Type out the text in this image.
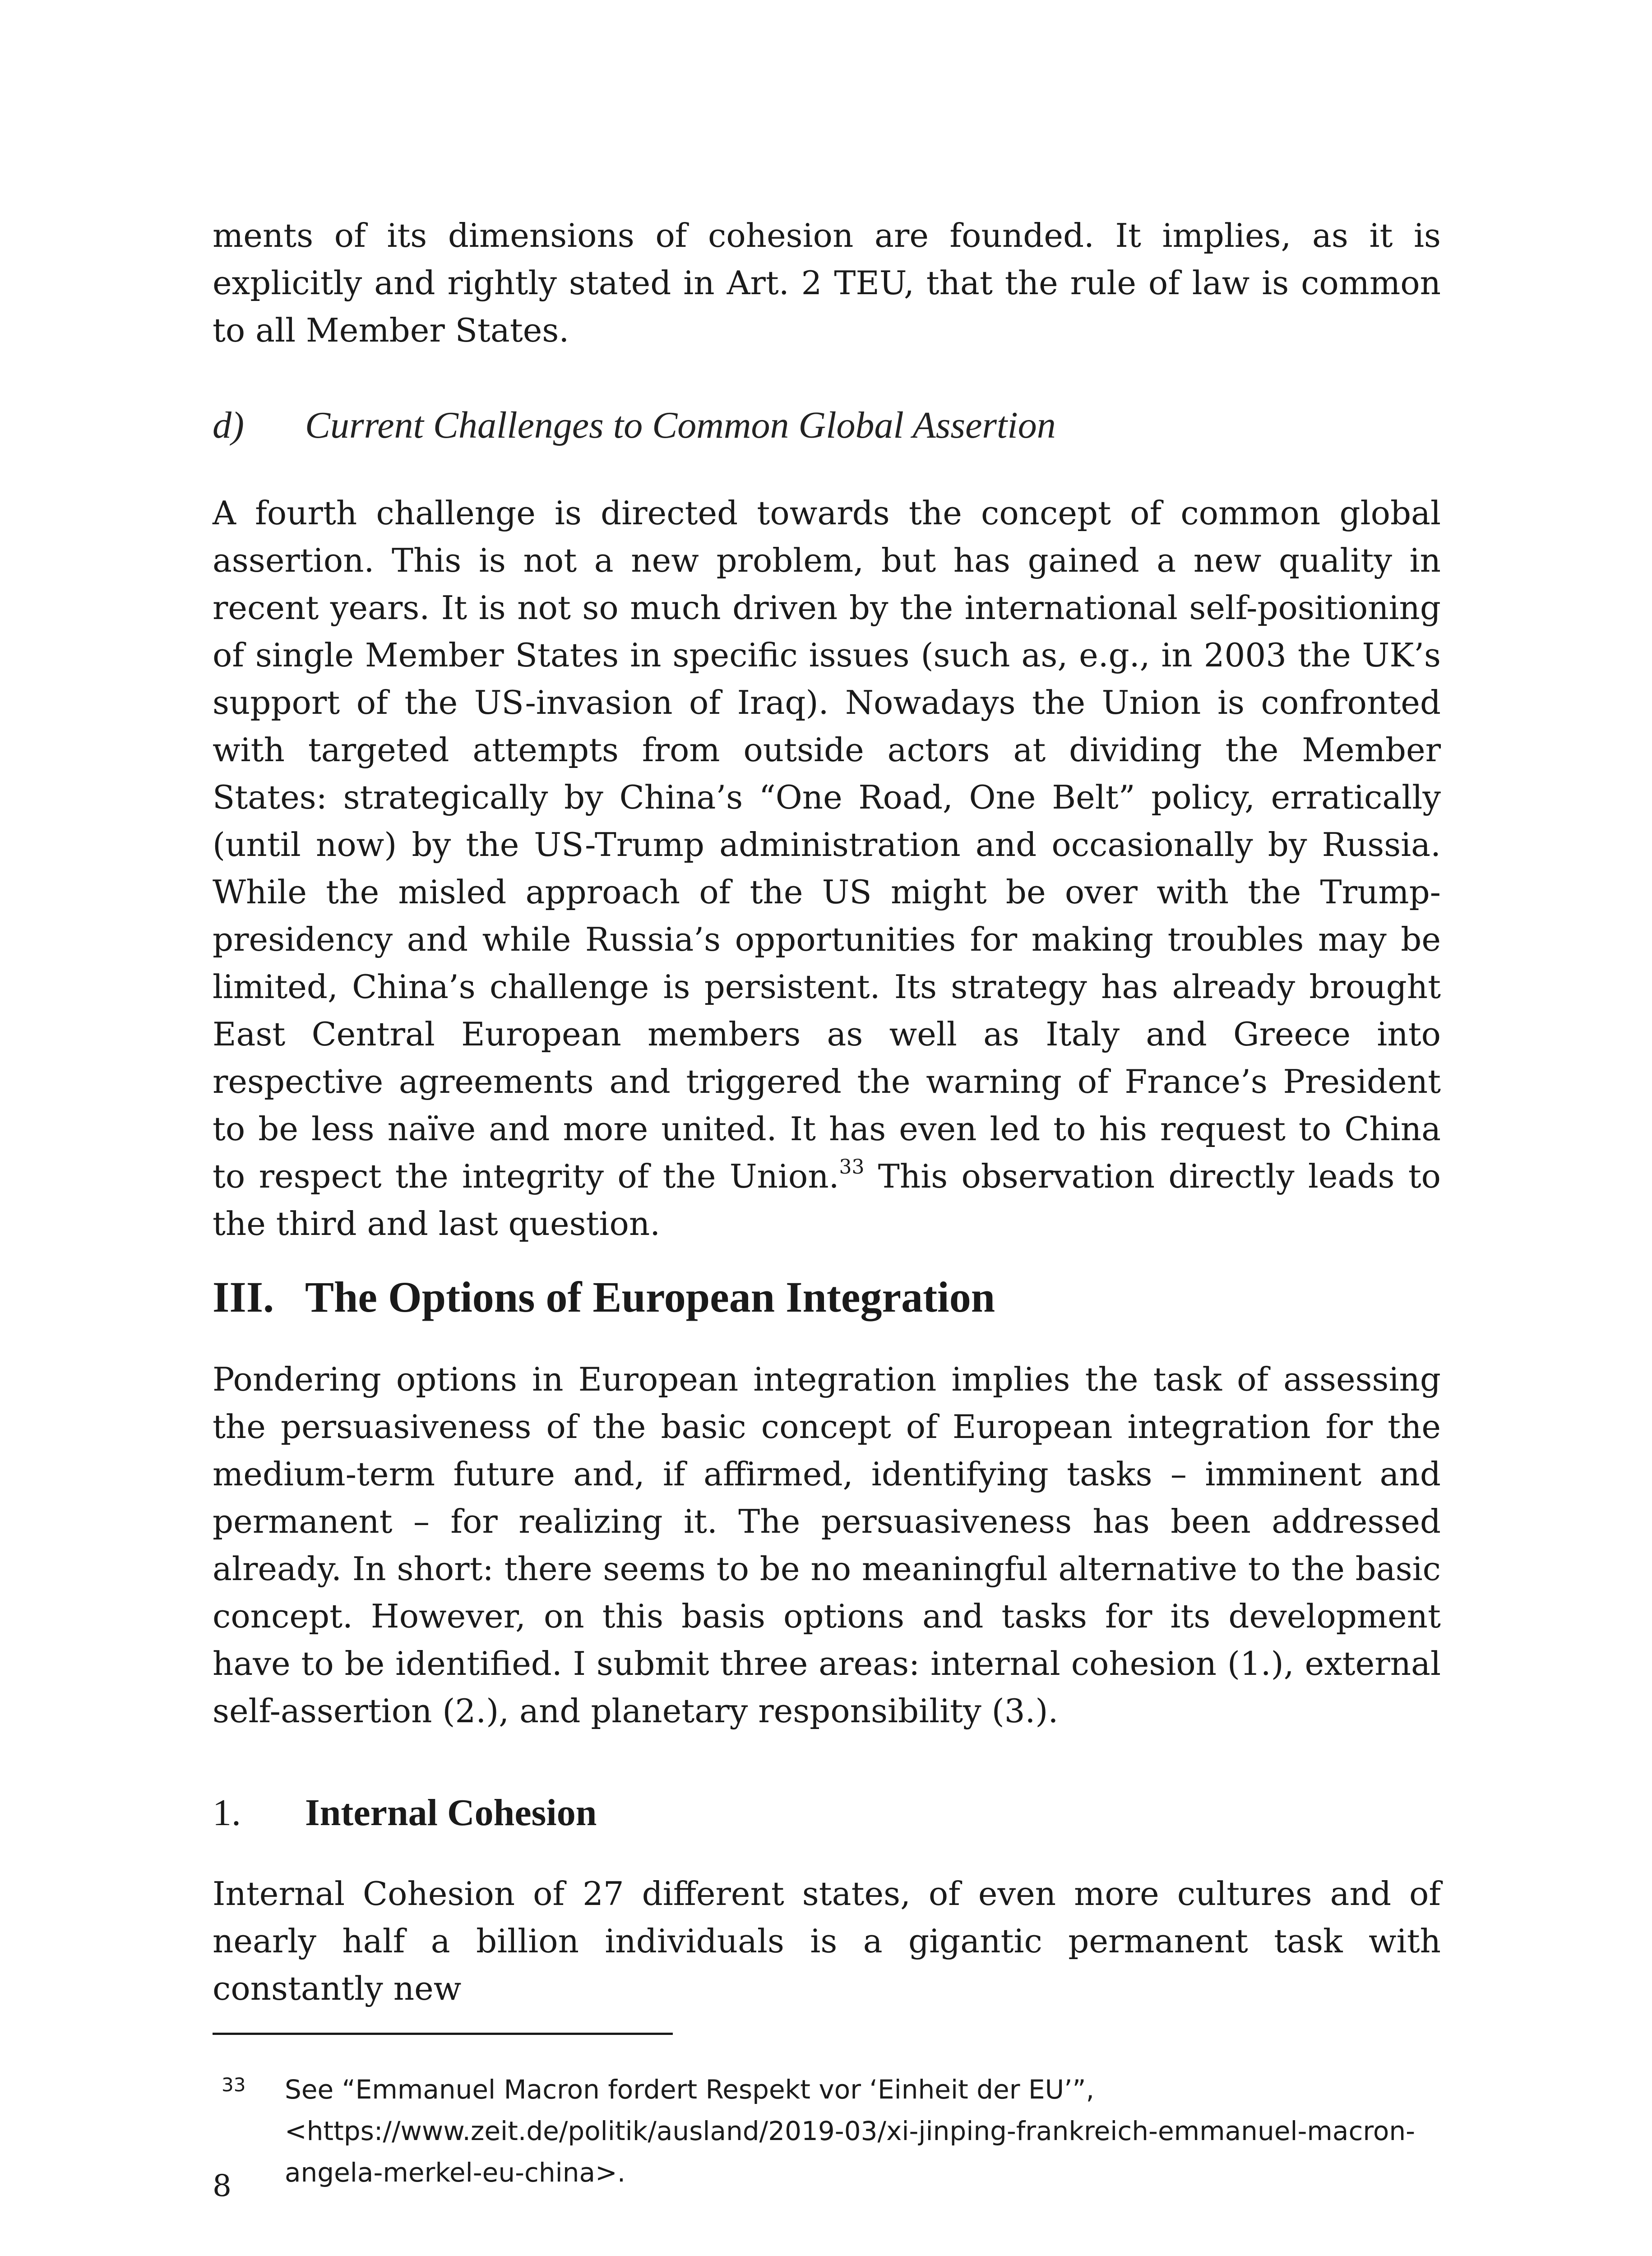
ments of its dimensions of cohesion are founded. It implies, as it is explicitly and rightly stated in Art. 2 TEU, that the rule of law is common to all Member States.

d) Current Challenges to Common Global Assertion

A fourth challenge is directed towards the concept of common global assertion. This is not a new problem, but has gained a new quality in recent years. It is not so much driven by the international self-positioning of single Member States in specific issues (such as, e.g., in 2003 the UK’s support of the US-invasion of Iraq). Nowadays the Union is confronted with targeted attempts from outside actors at dividing the Member States: strategically by China’s “One Road, One Belt” policy, erratically (until now) by the US-Trump administration and occasionally by Russia. While the misled approach of the US might be over with the Trump-presidency and while Russia’s opportunities for making troubles may be limited, China’s challenge is persistent. Its strategy has already brought East Central European members as well as Italy and Greece into respective agreements and triggered the warning of France’s President to be less naïve and more united. It has even led to his request to China to respect the integrity of the Union.$^{33}$ This observation directly leads to the third and last question.

III. The Options of European Integration

Pondering options in European integration implies the task of assessing the persuasiveness of the basic concept of European integration for the medium-term future and, if affirmed, identifying tasks – imminent and permanent – for realizing it. The persuasiveness has been addressed already. In short: there seems to be no meaningful alternative to the basic concept. However, on this basis options and tasks for its development have to be identified. I submit three areas: internal cohesion (1.), external self-assertion (2.), and planetary responsibility (3.).

1. Internal Cohesion

Internal Cohesion of 27 different states, of even more cultures and of nearly half a billion individuals is a gigantic permanent task with constantly new

33 See “Emmanuel Macron fordert Respekt vor ‘Einheit der EU’”, <https://www.zeit.de/politik/ausland/2019-03/xi-jinping-frankreich-emmanuel-macron-angela-merkel-eu-china>.
8
